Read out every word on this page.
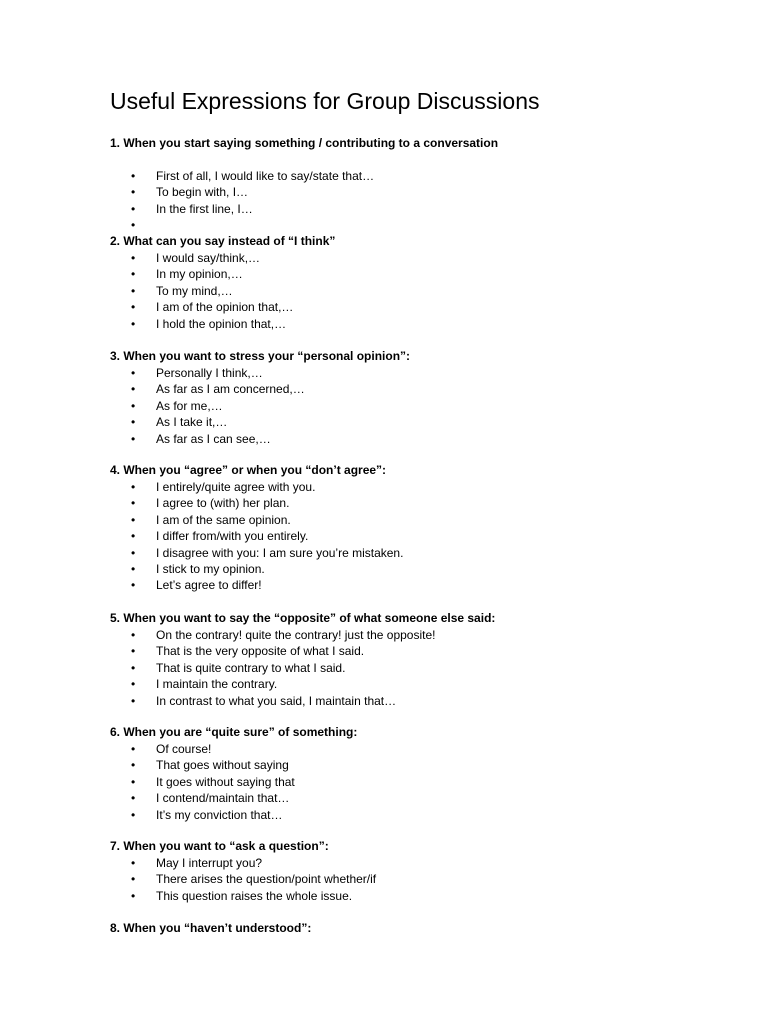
Useful Expressions for Group Discussions
1. When you start saying something / contributing to a conversation
• First of all, I would like to say/state that…
• To begin with, I…
• In the first line, I…
•
2. What can you say instead of “I think”
• I would say/think,…
• In my opinion,…
• To my mind,…
• I am of the opinion that,…
• I hold the opinion that,…
3. When you want to stress your “personal opinion”:
• Personally I think,…
• As far as I am concerned,…
• As for me,…
• As I take it,…
• As far as I can see,…
4. When you “agree” or when you “don’t agree”:
• I entirely/quite agree with you.
• I agree to (with) her plan.
• I am of the same opinion.
• I differ from/with you entirely.
• I disagree with you: I am sure you’re mistaken.
• I stick to my opinion.
• Let’s agree to differ!
5. When you want to say the “opposite” of what someone else said:
• On the contrary! quite the contrary! just the opposite!
• That is the very opposite of what I said.
• That is quite contrary to what I said.
• I maintain the contrary.
• In contrast to what you said, I maintain that…
6. When you are “quite sure” of something:
• Of course!
• That goes without saying
• It goes without saying that
• I contend/maintain that…
• It’s my conviction that…
7. When you want to “ask a question”:
• May I interrupt you?
• There arises the question/point whether/if
• This question raises the whole issue.
8. When you “haven’t understood”:
